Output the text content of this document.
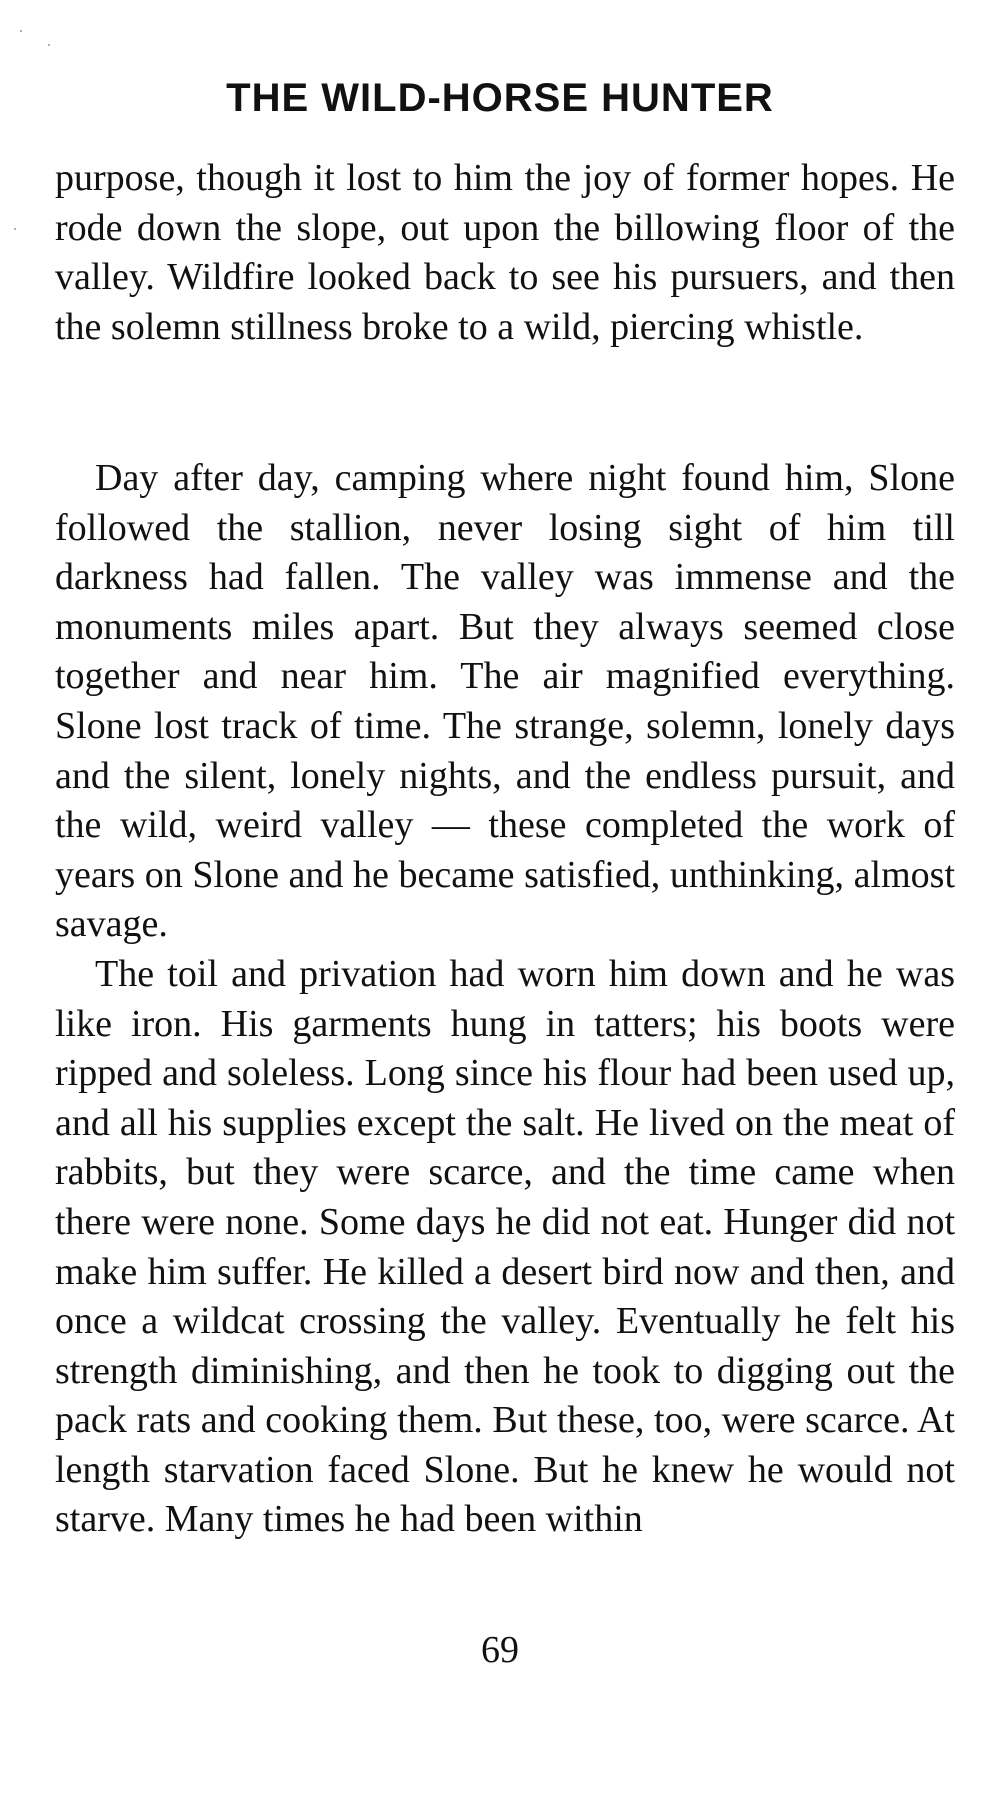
THE WILD-HORSE HUNTER

purpose, though it lost to him the joy of former hopes. He rode down the slope, out upon the billowing floor of the valley. Wildfire looked back to see his pursuers, and then the solemn stillness broke to a wild, piercing whistle.

Day after day, camping where night found him, Slone followed the stallion, never losing sight of him till darkness had fallen. The valley was immense and the monuments miles apart. But they always seemed close together and near him. The air magnified everything. Slone lost track of time. The strange, solemn, lonely days and the silent, lonely nights, and the endless pursuit, and the wild, weird valley — these completed the work of years on Slone and he became satisfied, unthinking, almost savage.

The toil and privation had worn him down and he was like iron. His garments hung in tatters; his boots were ripped and soleless. Long since his flour had been used up, and all his supplies except the salt. He lived on the meat of rabbits, but they were scarce, and the time came when there were none. Some days he did not eat. Hunger did not make him suffer. He killed a desert bird now and then, and once a wildcat crossing the valley. Eventually he felt his strength diminishing, and then he took to digging out the pack rats and cooking them. But these, too, were scarce. At length starvation faced Slone. But he knew he would not starve. Many times he had been within

69
